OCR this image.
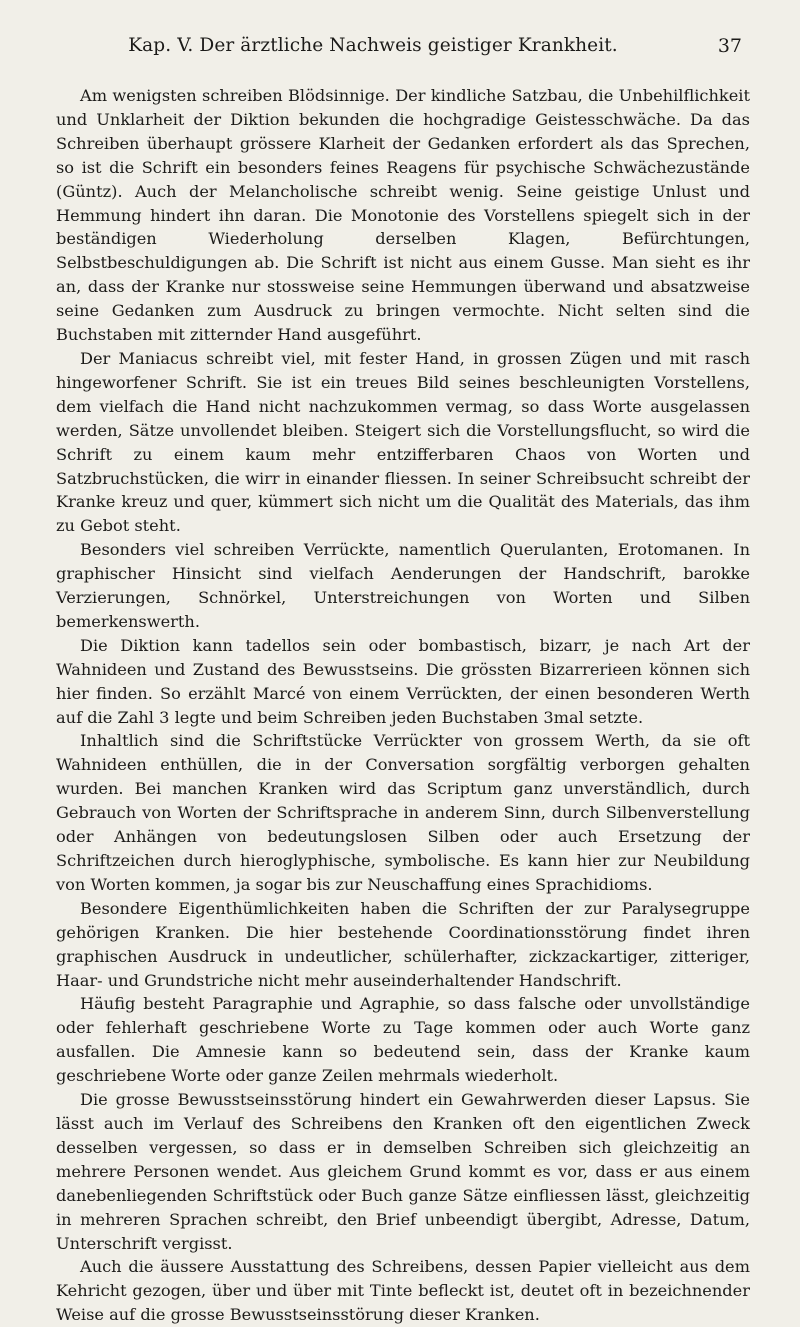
Kap. V. Der ärztliche Nachweis geistiger Krankheit.	37

Am wenigsten schreiben Blödsinnige. Der kindliche Satzbau, die Unbehilflichkeit und Unklarheit der Diktion bekunden die hochgradige Geistesschwäche. Da das Schreiben überhaupt grössere Klarheit der Gedanken erfordert als das Sprechen, so ist die Schrift ein besonders feines Reagens für psychische Schwächezustände (Güntz). Auch der Melancholische schreibt wenig. Seine geistige Unlust und Hemmung hindert ihn daran. Die Monotonie des Vorstellens spiegelt sich in der beständigen Wiederholung derselben Klagen, Befürchtungen, Selbstbeschuldigungen ab. Die Schrift ist nicht aus einem Gusse. Man sieht es ihr an, dass der Kranke nur stossweise seine Hemmungen überwand und absatzweise seine Gedanken zum Ausdruck zu bringen vermochte. Nicht selten sind die Buchstaben mit zitternder Hand ausgeführt.

Der Maniacus schreibt viel, mit fester Hand, in grossen Zügen und mit rasch hingeworfener Schrift. Sie ist ein treues Bild seines beschleunigten Vorstellens, dem vielfach die Hand nicht nachzukommen vermag, so dass Worte ausgelassen werden, Sätze unvollendet bleiben. Steigert sich die Vorstellungsflucht, so wird die Schrift zu einem kaum mehr entzifferbaren Chaos von Worten und Satzbruchstücken, die wirr in einander fliessen. In seiner Schreibsucht schreibt der Kranke kreuz und quer, kümmert sich nicht um die Qualität des Materials, das ihm zu Gebot steht.

Besonders viel schreiben Verrückte, namentlich Querulanten, Erotomanen. In graphischer Hinsicht sind vielfach Aenderungen der Handschrift, barokke Verzierungen, Schnörkel, Unterstreichungen von Worten und Silben bemerkenswerth.

Die Diktion kann tadellos sein oder bombastisch, bizarr, je nach Art der Wahnideen und Zustand des Bewusstseins. Die grössten Bizarrerieen können sich hier finden. So erzählt Marcé von einem Verrückten, der einen besonderen Werth auf die Zahl 3 legte und beim Schreiben jeden Buchstaben 3mal setzte.

Inhaltlich sind die Schriftstücke Verrückter von grossem Werth, da sie oft Wahnideen enthüllen, die in der Conversation sorgfältig verborgen gehalten wurden. Bei manchen Kranken wird das Scriptum ganz unverständlich, durch Gebrauch von Worten der Schriftsprache in anderem Sinn, durch Silbenverstellung oder Anhängen von bedeutungslosen Silben oder auch Ersetzung der Schriftzeichen durch hieroglyphische, symbolische. Es kann hier zur Neubildung von Worten kommen, ja sogar bis zur Neuschaffung eines Sprachidioms.

Besondere Eigenthümlichkeiten haben die Schriften der zur Paralysegruppe gehörigen Kranken. Die hier bestehende Coordinationsstörung findet ihren graphischen Ausdruck in undeutlicher, schülerhafter, zickzackartiger, zitteriger, Haar- und Grundstriche nicht mehr auseinderhaltender Handschrift.

Häufig besteht Paragraphie und Agraphie, so dass falsche oder unvollständige oder fehlerhaft geschriebene Worte zu Tage kommen oder auch Worte ganz ausfallen. Die Amnesie kann so bedeutend sein, dass der Kranke kaum geschriebene Worte oder ganze Zeilen mehrmals wiederholt.

Die grosse Bewusstseinsstörung hindert ein Gewahrwerden dieser Lapsus. Sie lässt auch im Verlauf des Schreibens den Kranken oft den eigentlichen Zweck desselben vergessen, so dass er in demselben Schreiben sich gleichzeitig an mehrere Personen wendet. Aus gleichem Grund kommt es vor, dass er aus einem danebenliegenden Schriftstück oder Buch ganze Sätze einfliessen lässt, gleichzeitig in mehreren Sprachen schreibt, den Brief unbeendigt übergibt, Adresse, Datum, Unterschrift vergisst.

Auch die äussere Ausstattung des Schreibens, dessen Papier vielleicht aus dem Kehricht gezogen, über und über mit Tinte befleckt ist, deutet oft in bezeichnender Weise auf die grosse Bewusstseinsstörung dieser Kranken.
